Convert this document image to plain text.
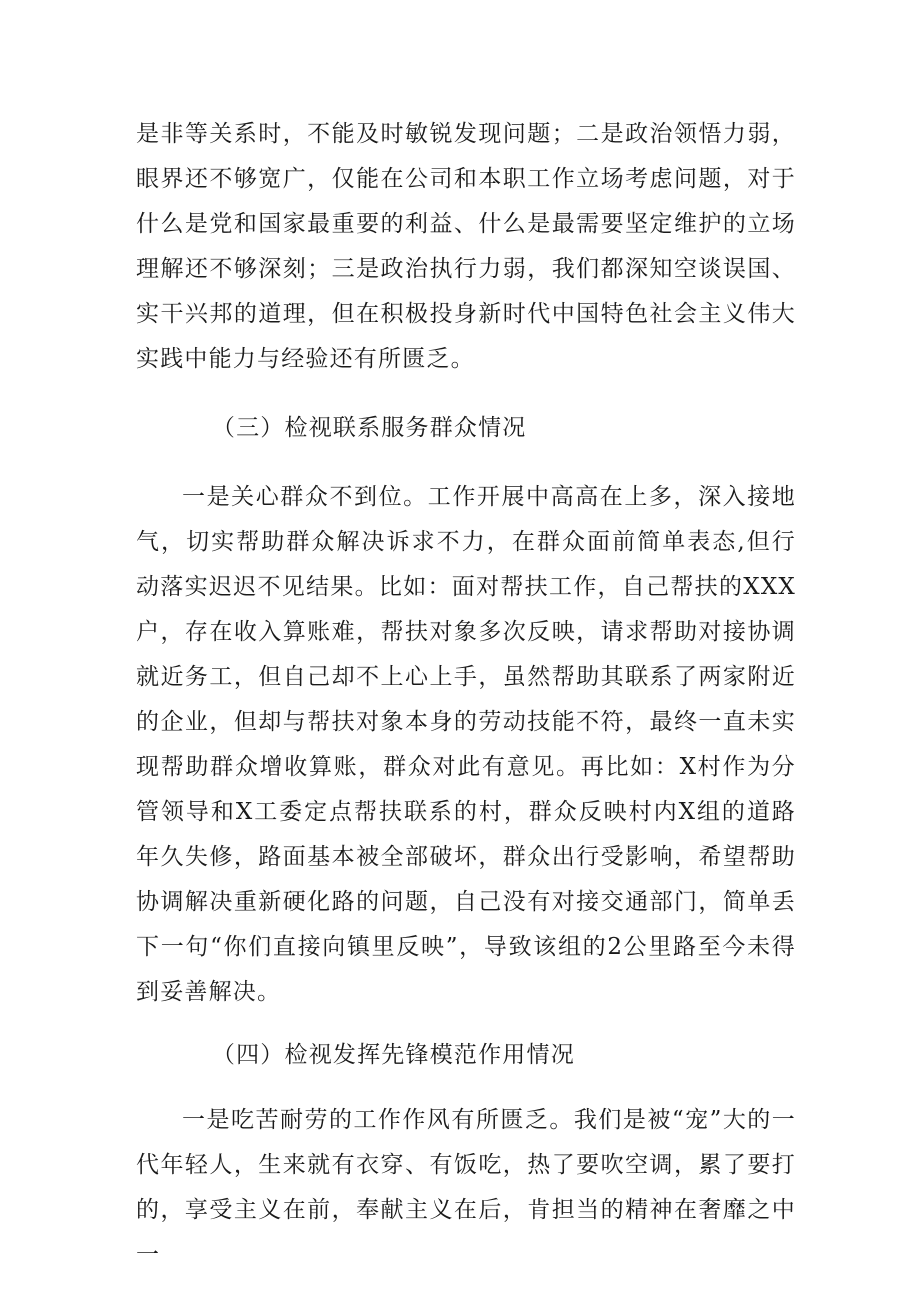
是非等关系时，不能及时敏锐发现问题；二是政治领悟力弱，眼界还不够宽广，仅能在公司和本职工作立场考虑问题，对于什么是党和国家最重要的利益、什么是最需要坚定维护的立场理解还不够深刻；三是政治执行力弱，我们都深知空谈误国、实干兴邦的道理，但在积极投身新时代中国特色社会主义伟大实践中能力与经验还有所匮乏。

（三）检视联系服务群众情况

一是关心群众不到位。工作开展中高高在上多，深入接地气，切实帮助群众解决诉求不力，在群众面前简单表态,但行动落实迟迟不见结果。比如：面对帮扶工作，自己帮扶的XXX户，存在收入算账难，帮扶对象多次反映，请求帮助对接协调就近务工，但自己却不上心上手，虽然帮助其联系了两家附近的企业，但却与帮扶对象本身的劳动技能不符，最终一直未实现帮助群众增收算账，群众对此有意见。再比如：X村作为分管领导和X工委定点帮扶联系的村，群众反映村内X组的道路年久失修，路面基本被全部破坏，群众出行受影响，希望帮助协调解决重新硬化路的问题，自己没有对接交通部门，简单丢下一句“你们直接向镇里反映”，导致该组的2公里路至今未得到妥善解决。

（四）检视发挥先锋模范作用情况

一是吃苦耐劳的工作作风有所匮乏。我们是被“宠”大的一代年轻人，生来就有衣穿、有饭吃，热了要吹空调，累了要打的，享受主义在前，奉献主义在后，肯担当的精神在奢靡之中一
